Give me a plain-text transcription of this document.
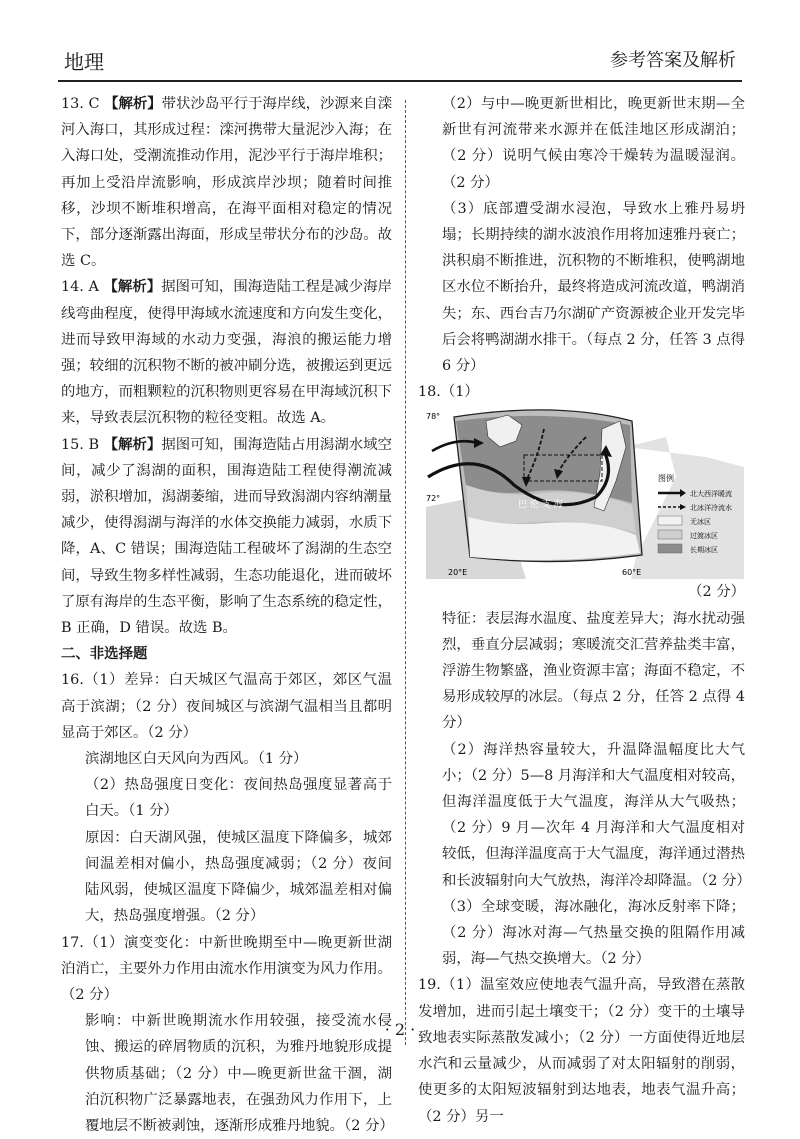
地理	参考答案及解析

13. C 【解析】带状沙岛平行于海岸线，沙源来自滦河入海口，其形成过程：滦河携带大量泥沙入海；在入海口处，受潮流推动作用，泥沙平行于海岸堆积；再加上受沿岸流影响，形成滨岸沙坝；随着时间推移，沙坝不断堆积增高，在海平面相对稳定的情况下，部分逐渐露出海面，形成呈带状分布的沙岛。故选 C。

14. A 【解析】据图可知，围海造陆工程是减少海岸线弯曲程度，使得甲海域水流速度和方向发生变化，进而导致甲海域的水动力变强，海浪的搬运能力增强；较细的沉积物不断的被冲刷分选，被搬运到更远的地方，而粗颗粒的沉积物则更容易在甲海域沉积下来，导致表层沉积物的粒径变粗。故选 A。

15. B 【解析】据图可知，围海造陆占用潟湖水域空间，减少了潟湖的面积，围海造陆工程使得潮流减弱，淤积增加，潟湖萎缩，进而导致潟湖内容纳潮量减少，使得潟湖与海洋的水体交换能力减弱，水质下降，A、C 错误；围海造陆工程破坏了潟湖的生态空间，导致生物多样性减弱，生态功能退化，进而破坏了原有海岸的生态平衡，影响了生态系统的稳定性，B 正确，D 错误。故选 B。

二、非选择题

16.（1）差异：白天城区气温高于郊区，郊区气温高于滨湖；（2 分）夜间城区与滨湖气温相当且都明显高于郊区。（2 分）

滨湖地区白天风向为西风。（1 分）

（2）热岛强度日变化：夜间热岛强度显著高于白天。（1 分）

原因：白天湖风强，使城区温度下降偏多，城郊间温差相对偏小，热岛强度减弱；（2 分）夜间陆风弱，使城区温度下降偏少，城郊温差相对偏大，热岛强度增强。（2 分）

17.（1）演变变化：中新世晚期至中—晚更新世湖泊消亡，主要外力作用由流水作用演变为风力作用。（2 分）

影响：中新世晚期流水作用较强，接受流水侵蚀、搬运的碎屑物质的沉积，为雅丹地貌形成提供物质基础；（2 分）中—晚更新世盆干涸，湖泊沉积物广泛暴露地表，在强劲风力作用下，上覆地层不断被剥蚀，逐渐形成雅丹地貌。（2 分）

（2）与中—晚更新世相比，晚更新世末期—全新世有河流带来水源并在低洼地区形成湖泊；（2 分）说明气候由寒冷干燥转为温暖湿润。（2 分）

（3）底部遭受湖水浸泡，导致水上雅丹易坍塌；长期持续的湖水波浪作用将加速雅丹衰亡；洪积扇不断推进，沉积物的不断堆积，使鸭湖地区水位不断抬升，最终将造成河流改道，鸭湖消失；东、西台吉乃尔湖矿产资源被企业开发完毕后会将鸭湖湖水排干。（每点 2 分，任答 3 点得 6 分）

18.（1）

78°
72°
20°E	60°E
巴 伦 支 海
图例
北大西洋暖流
北冰洋冷流水
无冰区
过渡冰区
长期冰区

（2 分）

特征：表层海水温度、盐度差异大；海水扰动强烈，垂直分层减弱；寒暖流交汇营养盐类丰富，浮游生物繁盛，渔业资源丰富；海面不稳定，不易形成较厚的冰层。（每点 2 分，任答 2 点得 4 分）

（2）海洋热容量较大，升温降温幅度比大气小；（2 分）5—8 月海洋和大气温度相对较高，但海洋温度低于大气温度，海洋从大气吸热；（2 分）9 月—次年 4 月海洋和大气温度相对较低，但海洋温度高于大气温度，海洋通过潜热和长波辐射向大气放热，海洋冷却降温。（2 分）

（3）全球变暖，海冰融化，海冰反射率下降；（2 分）海冰对海—气热量交换的阻隔作用减弱，海—气热交换增大。（2 分）

19.（1）温室效应使地表气温升高，导致潜在蒸散发增加，进而引起土壤变干；（2 分）变干的土壤导致地表实际蒸散发减小；（2 分）一方面使得近地层水汽和云量减少，从而减弱了对太阳辐射的削弱，使更多的太阳短波辐射到达地表，地表气温升高；（2 分）另一

· 2 ·
